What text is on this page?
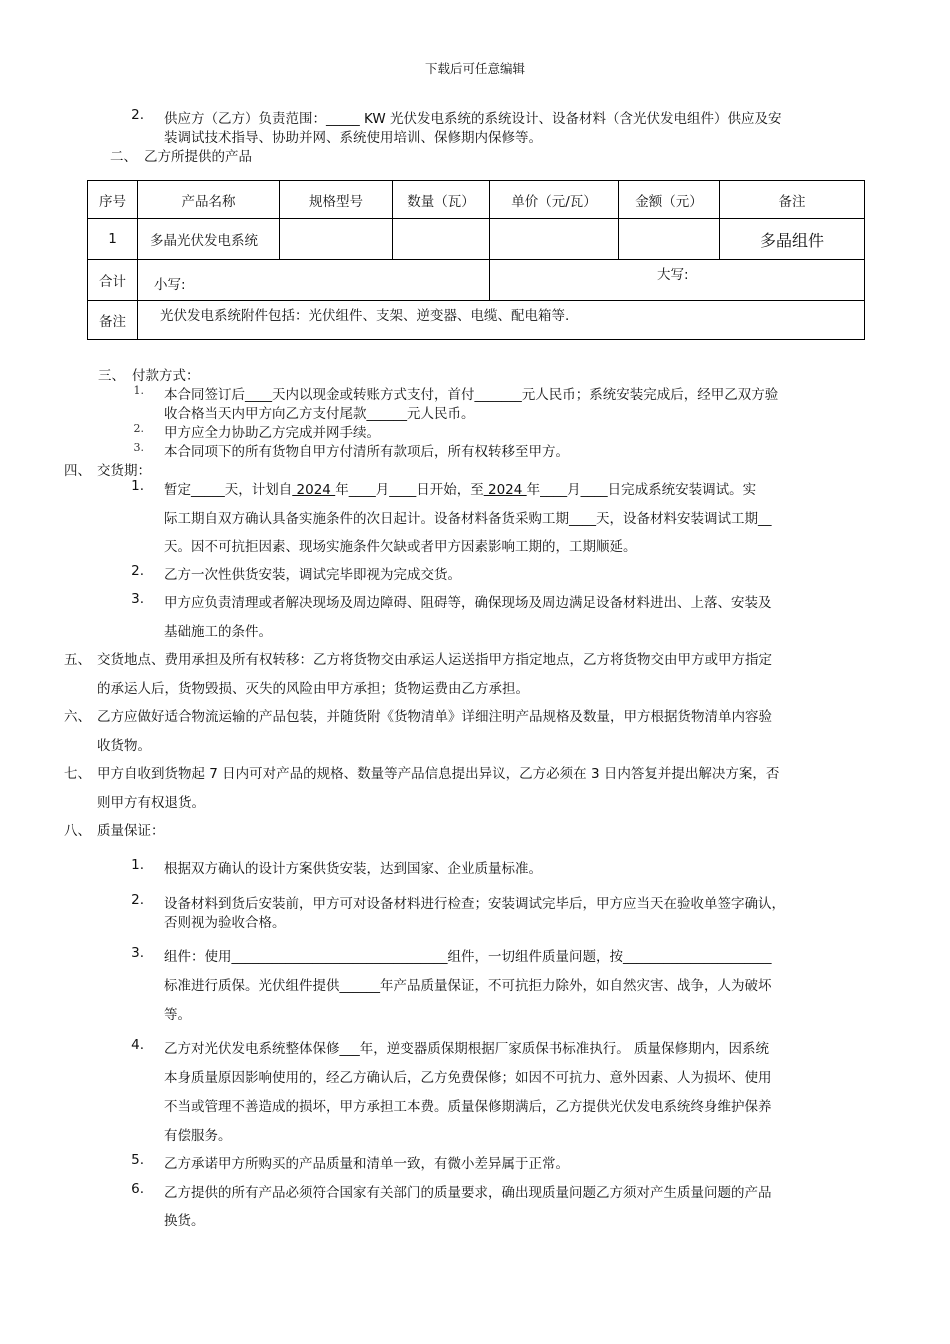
下载后可任意编辑
2. 供应方（乙方）负责范围：_____ KW 光伏发电系统的系统设计、设备材料（含光伏发电组件）供应及安
装调试技术指导、协助并网、系统使用培训、保修期内保修等。
二、 乙方所提供的产品
序号	产品名称	规格型号	数量（瓦）	单价（元/瓦）	金额（元）	备注
1	多晶光伏发电系统					多晶组件
合计	小写:			大写:		
备注	光伏发电系统附件包括：光伏组件、支架、逆变器、电缆、配电箱等.					
三、 付款方式：
1. 本合同签订后____天内以现金或转账方式支付，首付_______元人民币；系统安装完成后，经甲乙双方验
收合格当天内甲方向乙方支付尾款______元人民币。
2. 甲方应全力协助乙方完成并网手续。
3. 本合同项下的所有货物自甲方付清所有款项后，所有权转移至甲方。
四、 交货期：
1. 暂定_____天，计划自 2024 年____月____日开始，至 2024 年____月____日完成系统安装调试。实
际工期自双方确认具备实施条件的次日起计。设备材料备货采购工期____天，设备材料安装调试工期__
天。因不可抗拒因素、现场实施条件欠缺或者甲方因素影响工期的，工期顺延。
2. 乙方一次性供货安装，调试完毕即视为完成交货。
3. 甲方应负责清理或者解决现场及周边障碍、阻碍等，确保现场及周边满足设备材料进出、上落、安装及
基础施工的条件。
五、 交货地点、费用承担及所有权转移：乙方将货物交由承运人运送指甲方指定地点，乙方将货物交由甲方或甲方指定
的承运人后，货物毁损、灭失的风险由甲方承担；货物运费由乙方承担。
六、 乙方应做好适合物流运输的产品包装，并随货附《货物清单》详细注明产品规格及数量，甲方根据货物清单内容验
收货物。
七、 甲方自收到货物起 7 日内可对产品的规格、数量等产品信息提出异议，乙方必须在 3 日内答复并提出解决方案，否
则甲方有权退货。
八、 质量保证：
1. 根据双方确认的设计方案供货安装，达到国家、企业质量标准。
2. 设备材料到货后安装前，甲方可对设备材料进行检查；安装调试完毕后，甲方应当天在验收单签字确认，
否则视为验收合格。
3. 组件：使用________________________________组件，一切组件质量问题，按______________________
标准进行质保。光伏组件提供______年产品质量保证，不可抗拒力除外，如自然灾害、战争，人为破坏
等。
4. 乙方对光伏发电系统整体保修___年，逆变器质保期根据厂家质保书标准执行。 质量保修期内，因系统
本身质量原因影响使用的，经乙方确认后，乙方免费保修；如因不可抗力、意外因素、人为损坏、使用
不当或管理不善造成的损坏，甲方承担工本费。质量保修期满后，乙方提供光伏发电系统终身维护保养
有偿服务。
5. 乙方承诺甲方所购买的产品质量和清单一致，有微小差异属于正常。
6. 乙方提供的所有产品必须符合国家有关部门的质量要求，确出现质量问题乙方须对产生质量问题的产品
换货。
